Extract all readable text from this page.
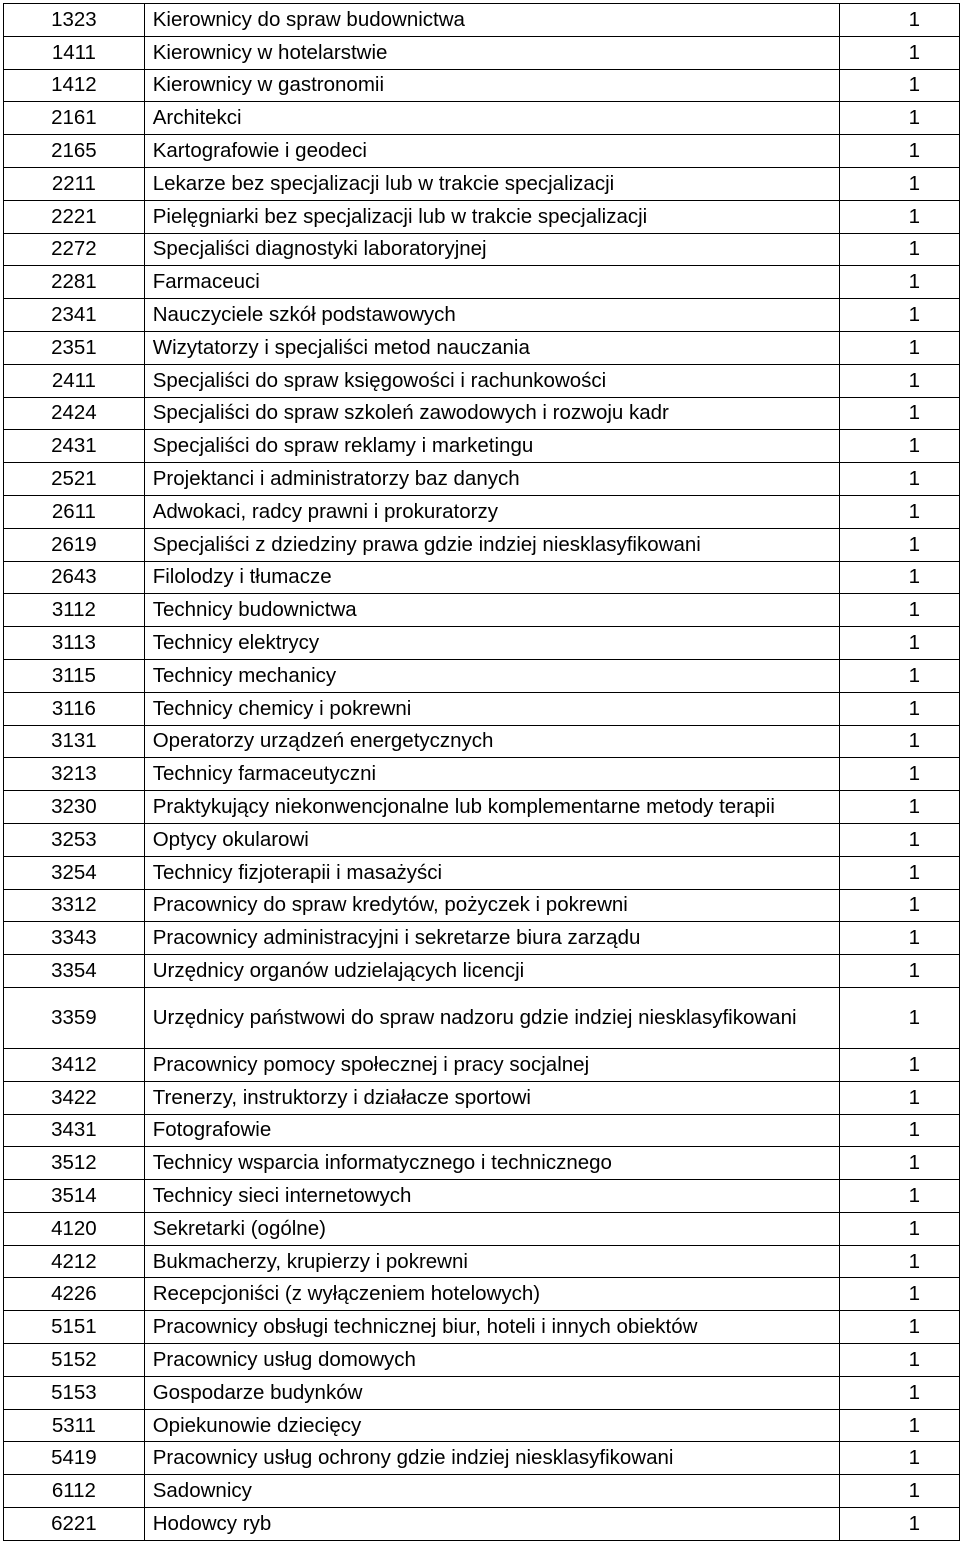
1323	Kierownicy do spraw budownictwa	1
1411	Kierownicy w hotelarstwie	1
1412	Kierownicy w gastronomii	1
2161	Architekci	1
2165	Kartografowie i geodeci	1
2211	Lekarze bez specjalizacji lub w trakcie specjalizacji	1
2221	Pielęgniarki bez specjalizacji lub w trakcie specjalizacji	1
2272	Specjaliści diagnostyki laboratoryjnej	1
2281	Farmaceuci	1
2341	Nauczyciele szkół podstawowych	1
2351	Wizytatorzy i specjaliści metod nauczania	1
2411	Specjaliści do spraw księgowości i rachunkowości	1
2424	Specjaliści do spraw szkoleń zawodowych i rozwoju kadr	1
2431	Specjaliści do spraw reklamy i marketingu	1
2521	Projektanci i administratorzy baz danych	1
2611	Adwokaci, radcy prawni i prokuratorzy	1
2619	Specjaliści z dziedziny prawa gdzie indziej niesklasyfikowani	1
2643	Filolodzy i tłumacze	1
3112	Technicy budownictwa	1
3113	Technicy elektrycy	1
3115	Technicy mechanicy	1
3116	Technicy chemicy i pokrewni	1
3131	Operatorzy urządzeń energetycznych	1
3213	Technicy farmaceutyczni	1
3230	Praktykujący niekonwencjonalne lub komplementarne metody terapii	1
3253	Optycy okularowi	1
3254	Technicy fizjoterapii i masażyści	1
3312	Pracownicy do spraw kredytów, pożyczek i pokrewni	1
3343	Pracownicy administracyjni i sekretarze biura zarządu	1
3354	Urzędnicy organów udzielających licencji	1
3359	Urzędnicy państwowi do spraw nadzoru gdzie indziej niesklasyfikowani	1
3412	Pracownicy pomocy społecznej i pracy socjalnej	1
3422	Trenerzy, instruktorzy i działacze sportowi	1
3431	Fotografowie	1
3512	Technicy wsparcia informatycznego i technicznego	1
3514	Technicy sieci internetowych	1
4120	Sekretarki (ogólne)	1
4212	Bukmacherzy, krupierzy i pokrewni	1
4226	Recepcjoniści (z wyłączeniem hotelowych)	1
5151	Pracownicy obsługi technicznej biur, hoteli i innych obiektów	1
5152	Pracownicy usług domowych	1
5153	Gospodarze budynków	1
5311	Opiekunowie dziecięcy	1
5419	Pracownicy usług ochrony gdzie indziej niesklasyfikowani	1
6112	Sadownicy	1
6221	Hodowcy ryb	1
